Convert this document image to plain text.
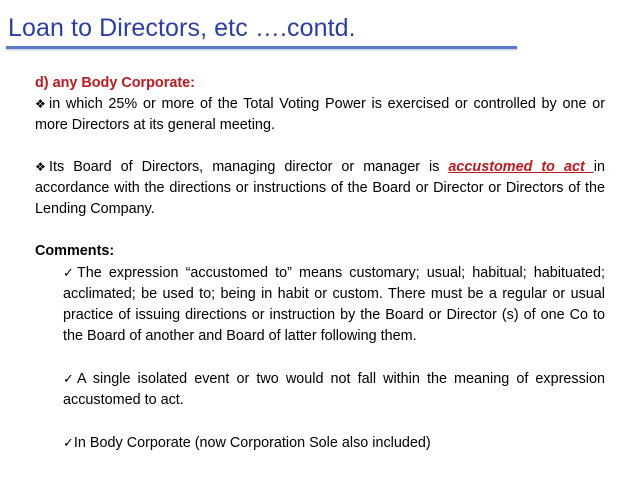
Loan to Directors, etc ….contd.

d) any Body Corporate:

❖ in which 25% or more of the Total Voting Power is exercised or controlled by one or more Directors at its general meeting.

❖ Its Board of Directors, managing director or manager is accustomed to act in accordance with the directions or instructions of the Board or Director or Directors of the Lending Company.

Comments:

✓The expression “accustomed to” means customary; usual; habitual; habituated; acclimated; be used to; being in habit or custom. There must be a regular or usual practice of issuing directions or instruction by the Board or Director (s) of one Co to the Board of another and Board of latter following them.

✓A single isolated event or two would not fall within the meaning of expression accustomed to act.

✓In Body Corporate (now Corporation Sole also included)
